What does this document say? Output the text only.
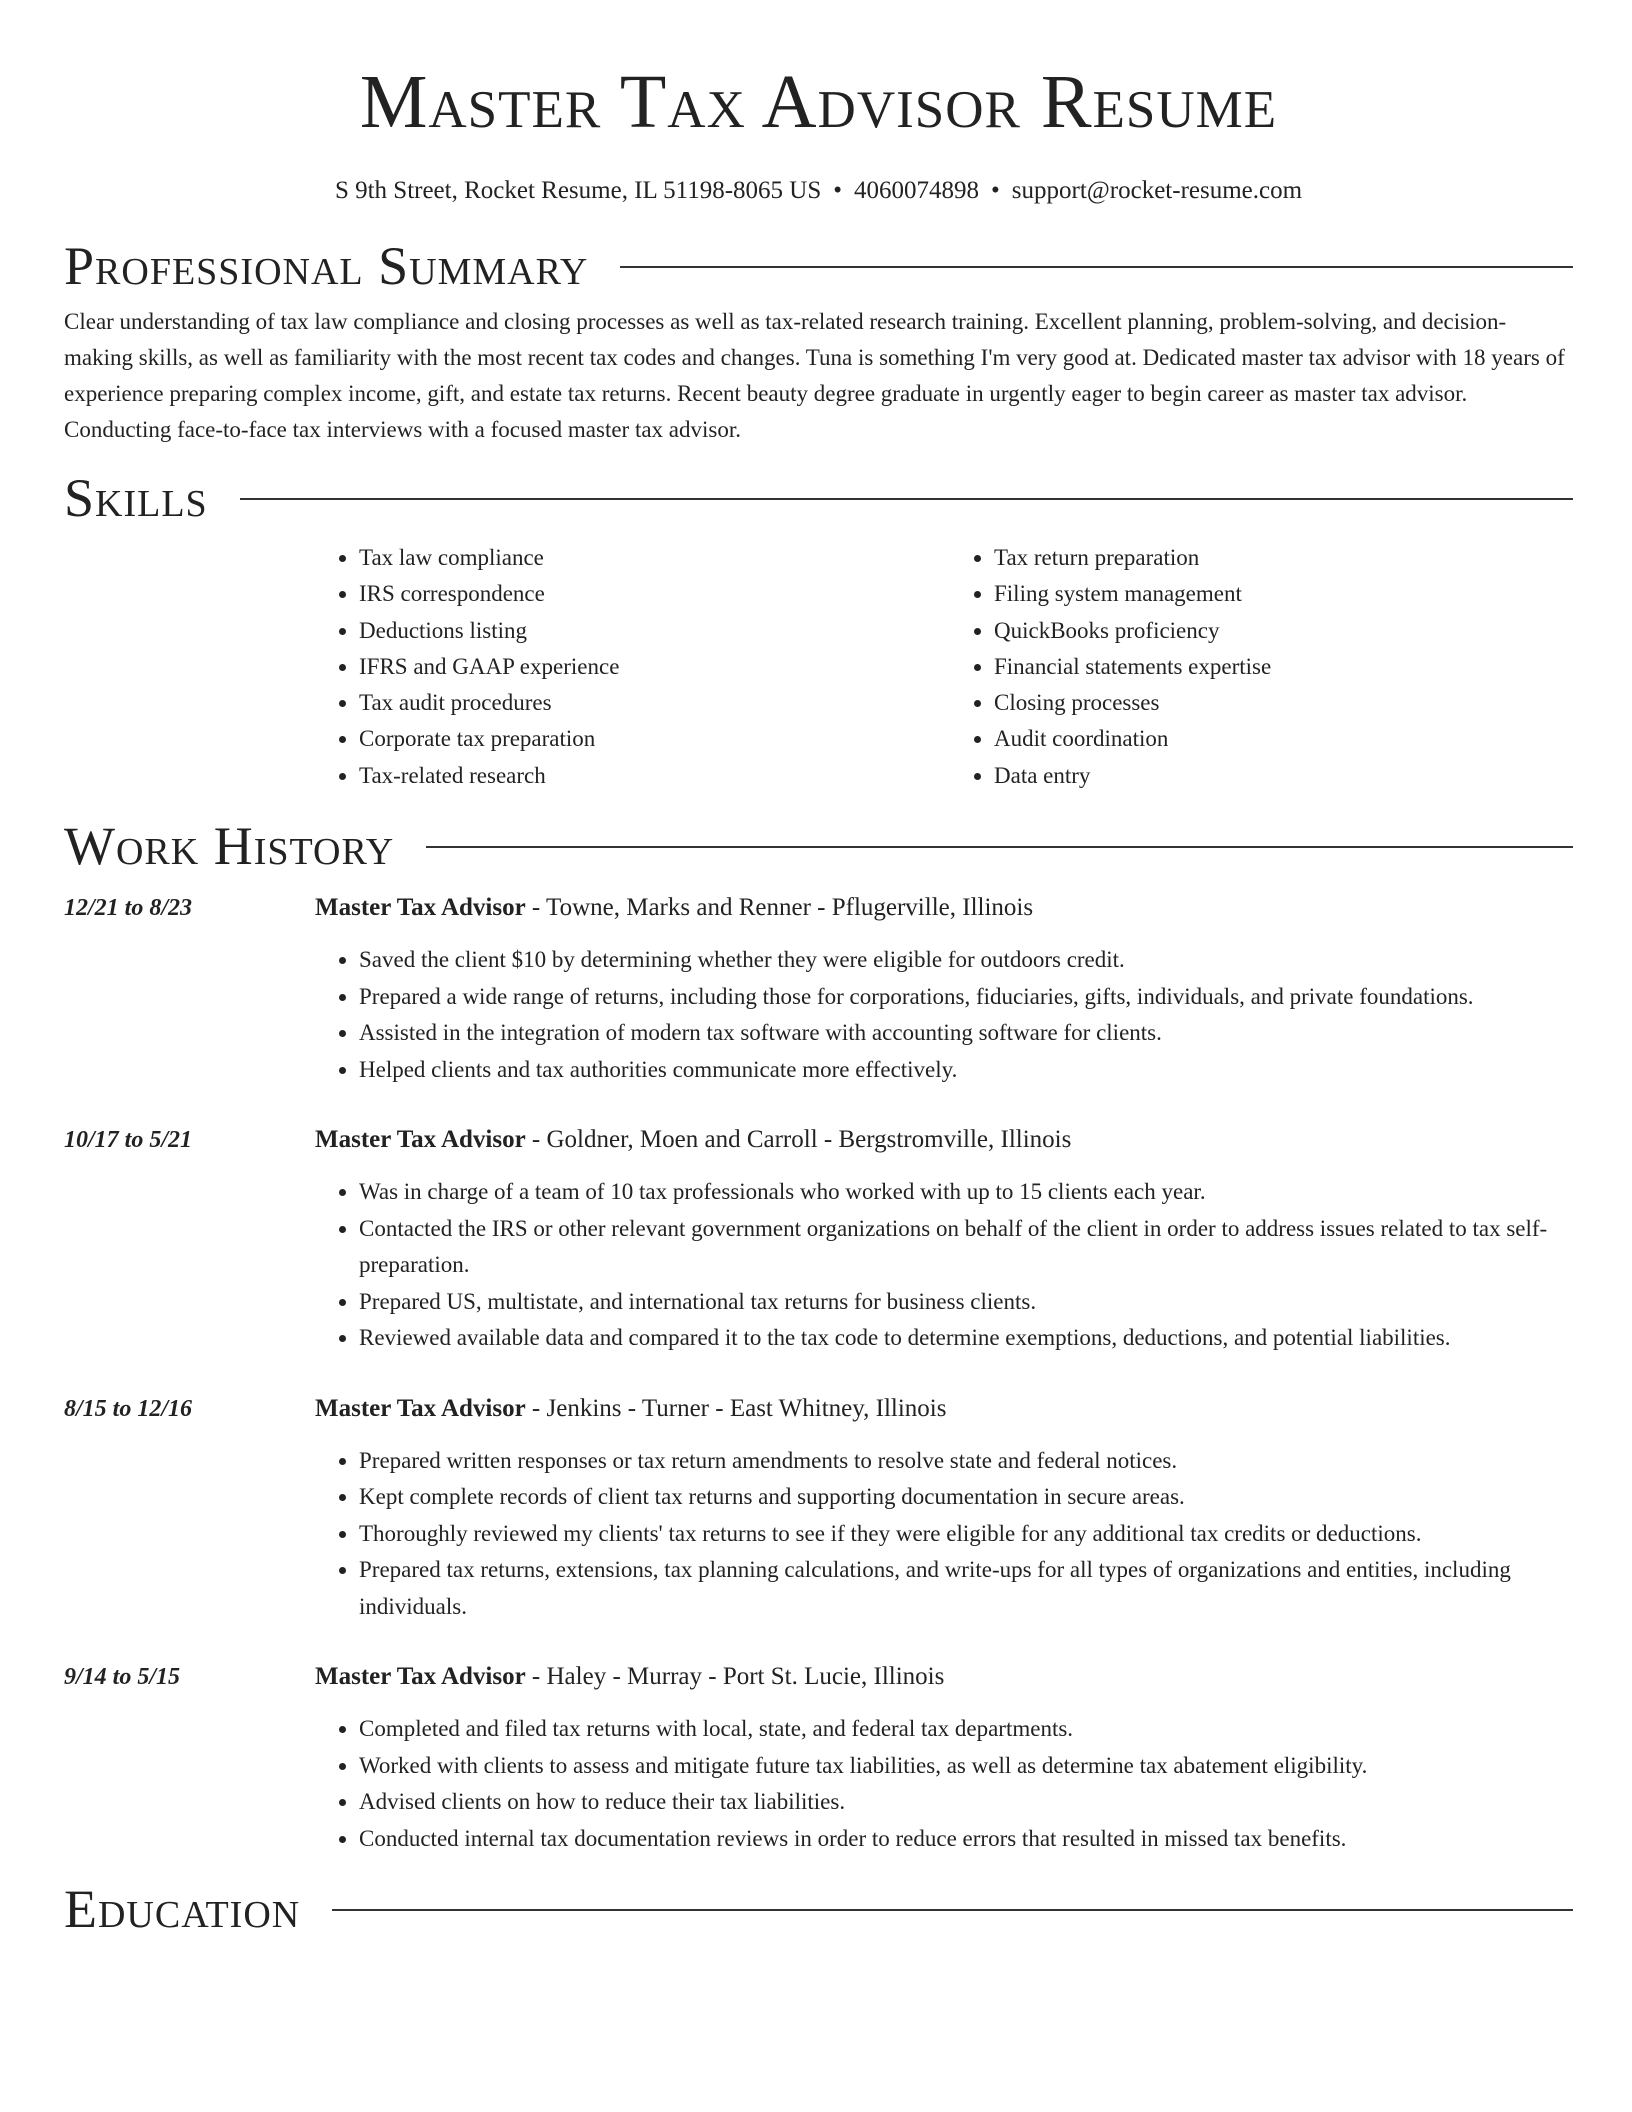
Master Tax Advisor Resume
S 9th Street, Rocket Resume, IL 51198-8065 US • 4060074898 • support@rocket-resume.com
Professional Summary

Clear understanding of tax law compliance and closing processes as well as tax-related research training. Excellent planning, problem-solving, and decision-making skills, as well as familiarity with the most recent tax codes and changes. Tuna is something I'm very good at. Dedicated master tax advisor with 18 years of experience preparing complex income, gift, and estate tax returns. Recent beauty degree graduate in urgently eager to begin career as master tax advisor. Conducting face-to-face tax interviews with a focused master tax advisor.

Skills
• Tax law compliance
• IRS correspondence
• Deductions listing
• IFRS and GAAP experience
• Tax audit procedures
• Corporate tax preparation
• Tax-related research
• Tax return preparation
• Filing system management
• QuickBooks proficiency
• Financial statements expertise
• Closing processes
• Audit coordination
• Data entry
Work History
12/21 to 8/23	Master Tax Advisor - Towne, Marks and Renner - Pflugerville, Illinois
• Saved the client $10 by determining whether they were eligible for outdoors credit.
• Prepared a wide range of returns, including those for corporations, fiduciaries, gifts, individuals, and private foundations.
• Assisted in the integration of modern tax software with accounting software for clients.
• Helped clients and tax authorities communicate more effectively.
10/17 to 5/21	Master Tax Advisor - Goldner, Moen and Carroll - Bergstromville, Illinois
• Was in charge of a team of 10 tax professionals who worked with up to 15 clients each year.
• Contacted the IRS or other relevant government organizations on behalf of the client in order to address issues related to tax self-preparation.
• Prepared US, multistate, and international tax returns for business clients.
• Reviewed available data and compared it to the tax code to determine exemptions, deductions, and potential liabilities.
8/15 to 12/16	Master Tax Advisor - Jenkins - Turner - East Whitney, Illinois
• Prepared written responses or tax return amendments to resolve state and federal notices.
• Kept complete records of client tax returns and supporting documentation in secure areas.
• Thoroughly reviewed my clients' tax returns to see if they were eligible for any additional tax credits or deductions.
• Prepared tax returns, extensions, tax planning calculations, and write-ups for all types of organizations and entities, including individuals.
9/14 to 5/15	Master Tax Advisor - Haley - Murray - Port St. Lucie, Illinois
• Completed and filed tax returns with local, state, and federal tax departments.
• Worked with clients to assess and mitigate future tax liabilities, as well as determine tax abatement eligibility.
• Advised clients on how to reduce their tax liabilities.
• Conducted internal tax documentation reviews in order to reduce errors that resulted in missed tax benefits.
Education
